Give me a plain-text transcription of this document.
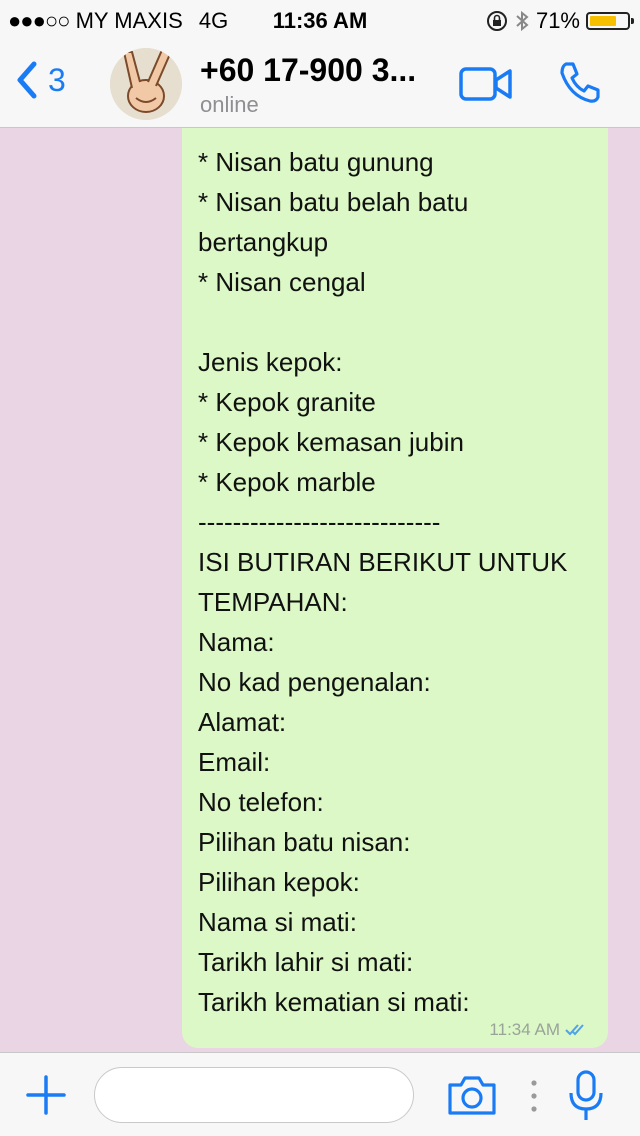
●●●○○ MY MAXIS 4G	11:36 AM	71%
3	+60 17-900 3...
online
* Nisan batu gunung
* Nisan batu belah batu
bertangkup
* Nisan cengal

Jenis kepok:
* Kepok granite
* Kepok kemasan jubin
* Kepok marble
----------------------------
ISI BUTIRAN BERIKUT UNTUK
TEMPAHAN:
Nama:
No kad pengenalan:
Alamat:
Email:
No telefon:
Pilihan batu nisan:
Pilihan kepok:
Nama si mati:
Tarikh lahir si mati:
Tarikh kematian si mati:
11:34 AM
